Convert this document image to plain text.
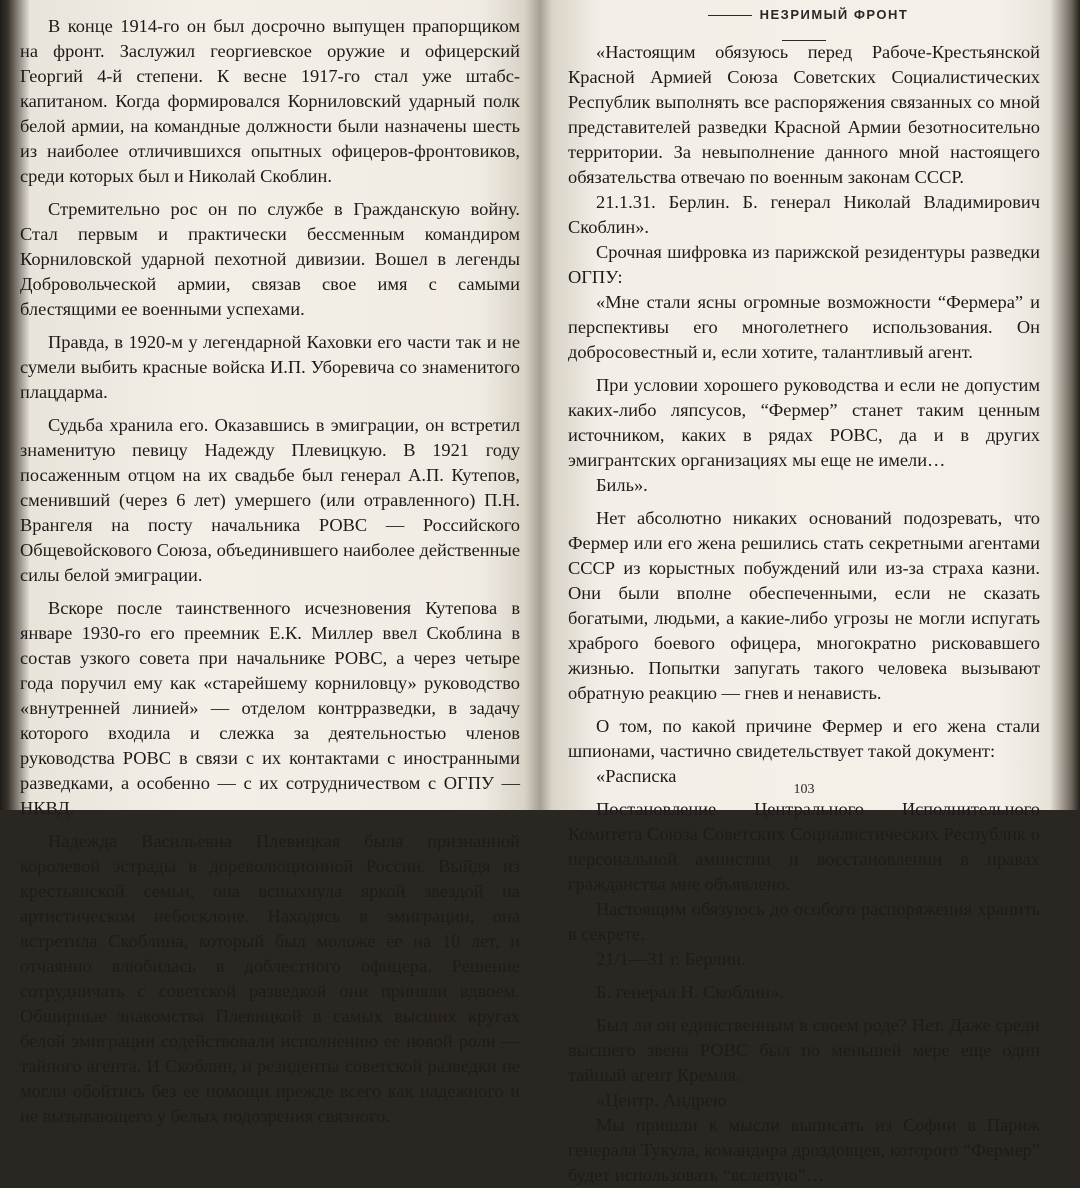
В конце 1914-го он был досрочно выпущен прапорщиком на фронт. Заслужил георгиевское оружие и офицерский Георгий 4-й степени. К весне 1917-го стал уже штабс-капитаном. Когда формировался Корниловский ударный полк белой армии, на командные должности были назначены шесть из наиболее отличившихся опытных офицеров-фронтовиков, среди которых был и Николай Скоблин.

Стремительно рос он по службе в Гражданскую войну. Стал первым и практически бессменным командиром Корниловской ударной пехотной дивизии. Вошел в легенды Добровольческой армии, связав свое имя с самыми блестящими ее военными успехами.

Правда, в 1920-м у легендарной Каховки его части так и не сумели выбить красные войска И.П. Уборевича со знаменитого плацдарма.

Судьба хранила его. Оказавшись в эмиграции, он встретил знаменитую певицу Надежду Плевицкую. В 1921 году посаженным отцом на их свадьбе был генерал А.П. Кутепов, сменивший (через 6 лет) умершего (или отравленного) П.Н. Врангеля на посту начальника РОВС — Российского Общевойскового Союза, объединившего наиболее действенные силы белой эмиграции.

Вскоре после таинственного исчезновения Кутепова в январе 1930-го его преемник Е.К. Миллер ввел Скоблина в состав узкого совета при начальнике РОВС, а через четыре года поручил ему как «старейшему корниловцу» руководство «внутренней линией» — отделом контрразведки, в задачу которого входила и слежка за деятельностью членов руководства РОВС в связи с их контактами с иностранными разведками, а особенно — с их сотрудничеством с ОГПУ — НКВД.

Надежда Васильевна Плевицкая была признанной королевой эстрады в дореволюционной России. Выйдя из крестьянской семьи, она вспыхнула яркой звездой на артистическом небосклоне. Находясь в эмиграции, она встретила Скоблина, который был моложе ее на 10 лет, и отчаянно влюбилась в доблестного офицера. Решение сотрудничать с советской разведкой они приняли вдвоем. Обширные знакомства Плевицкой в самых высших кругах белой эмиграции содействовали исполнению ее новой роли — тайного агента. И Скоблин, и резиденты советской разведки не могли обойтись без ее помощи прежде всего как надежного и не вызывающего у белых подозрения связного.

НЕЗРИМЫЙ ФРОНТ

«Настоящим обязуюсь перед Рабоче-Крестьянской Красной Армией Союза Советских Социалистических Республик выполнять все распоряжения связанных со мной представителей разведки Красной Армии безотносительно территории. За невыполнение данного мной настоящего обязательства отвечаю по военным законам СССР.

21.1.31. Берлин. Б. генерал Николай Владимирович Скоблин».

Срочная шифровка из парижской резидентуры разведки ОГПУ:

«Мне стали ясны огромные возможности “Фермера” и перспективы его многолетнего использования. Он добросовестный и, если хотите, талантливый агент.

При условии хорошего руководства и если не допустим каких-либо ляпсусов, “Фермер” станет таким ценным источником, каких в рядах РОВС, да и в других эмигрантских организациях мы еще не имели…

Биль».

Нет абсолютно никаких оснований подозревать, что Фермер или его жена решились стать секретными агентами СССР из корыстных побуждений или из-за страха казни. Они были вполне обеспеченными, если не сказать богатыми, людьми, а какие-либо угрозы не могли испугать храброго боевого офицера, многократно рисковавшего жизнью. Попытки запугать такого человека вызывают обратную реакцию — гнев и ненависть.

О том, по какой причине Фермер и его жена стали шпионами, частично свидетельствует такой документ:

«Расписка

Постановление Центрального Исполнительного Комитета Союза Советских Социалистических Республик о персональной амнистии и восстановлении в правах гражданства мне объявлено.

Настоящим обязуюсь до особого распоряжения хранить в секрете.

21/1—31 г. Берлин.

Б. генерал Н. Скоблин».

Был ли он единственным в своем роде? Нет. Даже среди высшего звена РОВС был по меньшей мере еще один тайный агент Кремля.

«Центр. Андрею

Мы пришли к мысли выписать из Софии в Париж генерала Тукула, командира дроздовцев, которого “Фермер” будет использовать “вслепую”…

103
